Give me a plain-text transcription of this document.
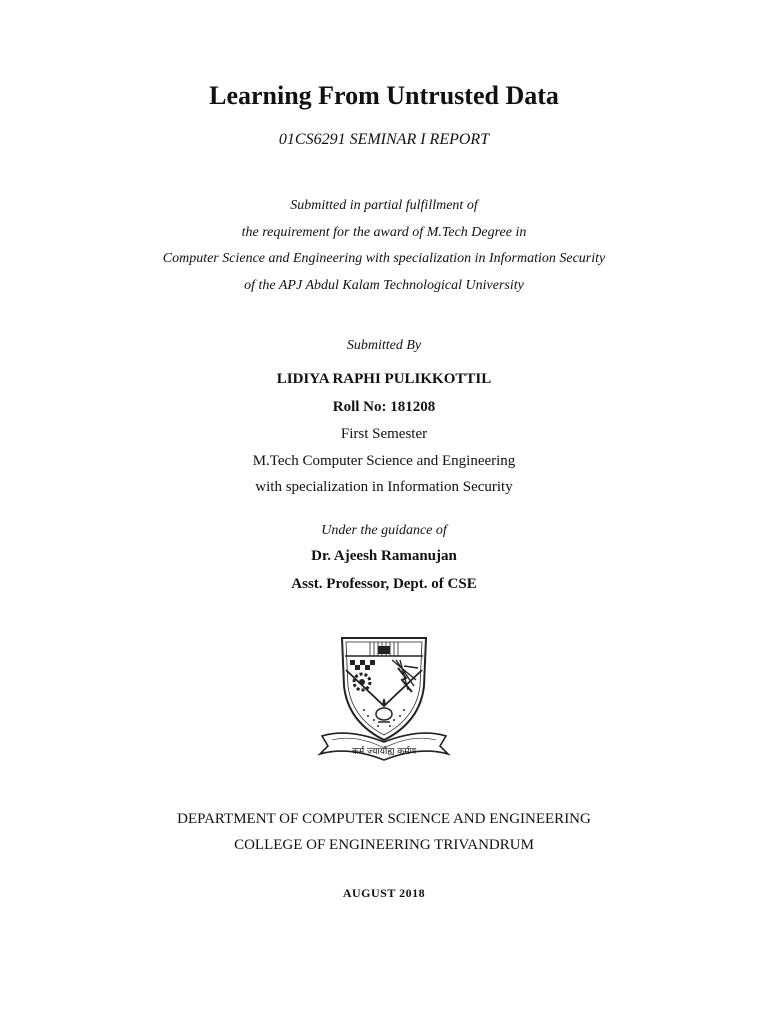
Learning From Untrusted Data
01CS6291 SEMINAR I REPORT
Submitted in partial fulfillment of
the requirement for the award of M.Tech Degree in
Computer Science and Engineering with specialization in Information Security
of the APJ Abdul Kalam Technological University
Submitted By
LIDIYA RAPHI PULIKKOTTIL
Roll No: 181208
First Semester
M.Tech Computer Science and Engineering
with specialization in Information Security
Under the guidance of
Dr. Ajeesh Ramanujan
Asst. Professor, Dept. of CSE
कर्म ज्यायोह्य कर्मण
DEPARTMENT OF COMPUTER SCIENCE AND ENGINEERING
COLLEGE OF ENGINEERING TRIVANDRUM
AUGUST 2018
